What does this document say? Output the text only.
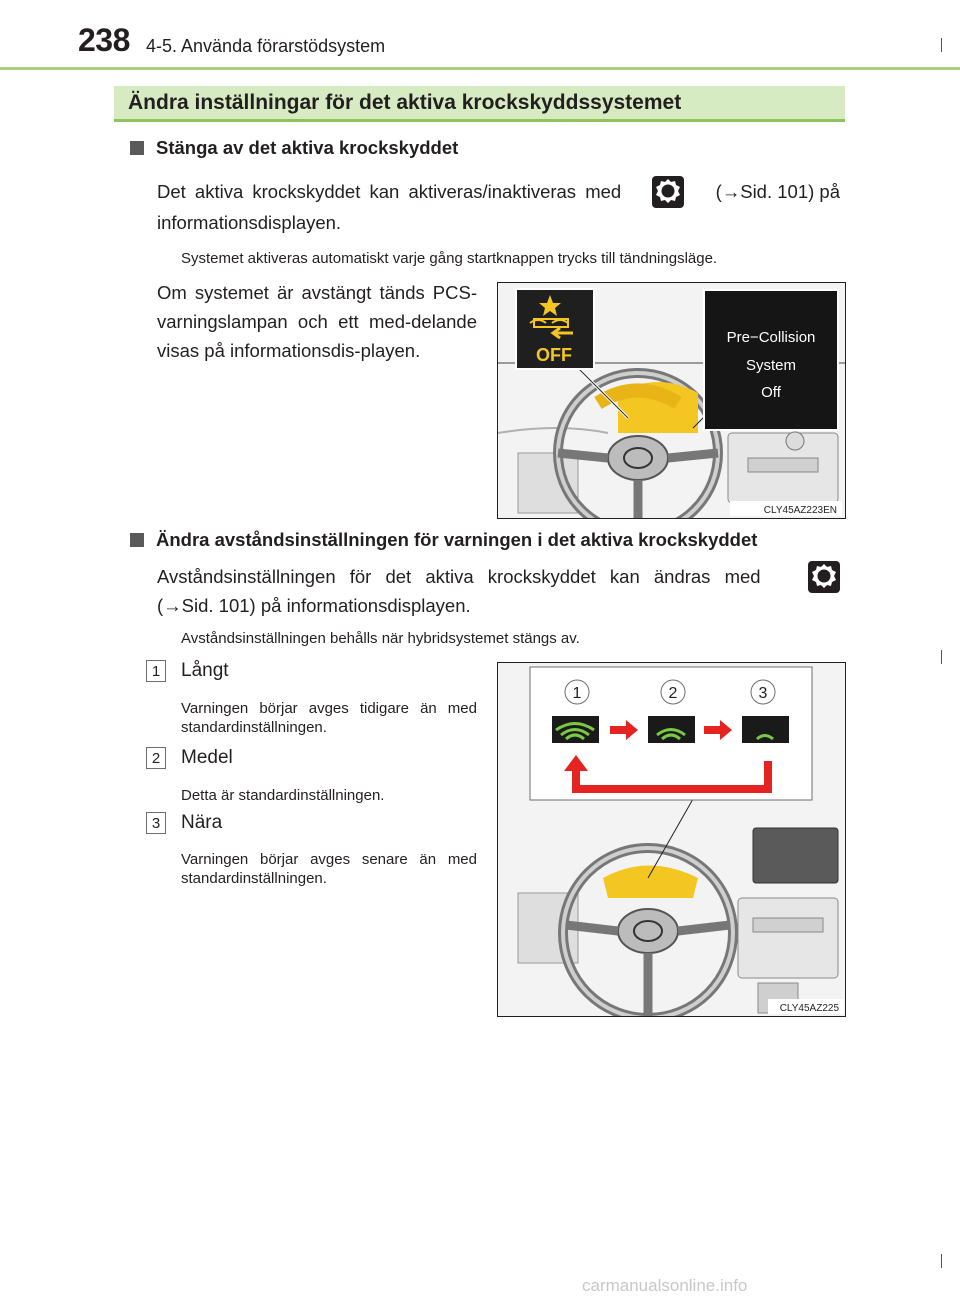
238 4-5. Använda förarstödsystem
Ändra inställningar för det aktiva krockskyddssystemet
Stänga av det aktiva krockskyddet
Det aktiva krockskyddet kan aktiveras/inaktiveras med	(→Sid. 101) på
informationsdisplayen.
Systemet aktiveras automatiskt varje gång startknappen trycks till tändningsläge.
Om systemet är avstängt tänds PCS-varningslampan och ett med-delande visas på informationsdis-playen.	OFF
Pre−Collision
System
Off
CLY45AZ223EN
Ändra avståndsinställningen för varningen i det aktiva krockskyddet
Avståndsinställningen för det aktiva krockskyddet kan ändras med
(→Sid. 101) på informationsdisplayen.
Avståndsinställningen behålls när hybridsystemet stängs av.
1	Långt
Varningen börjar avges tidigare än med standardinställningen.
2	Medel
Detta är standardinställningen.
3	Nära
Varningen börjar avges senare än med standardinställningen.
1	2	3
CLY45AZ225
carmanualsonline.info
